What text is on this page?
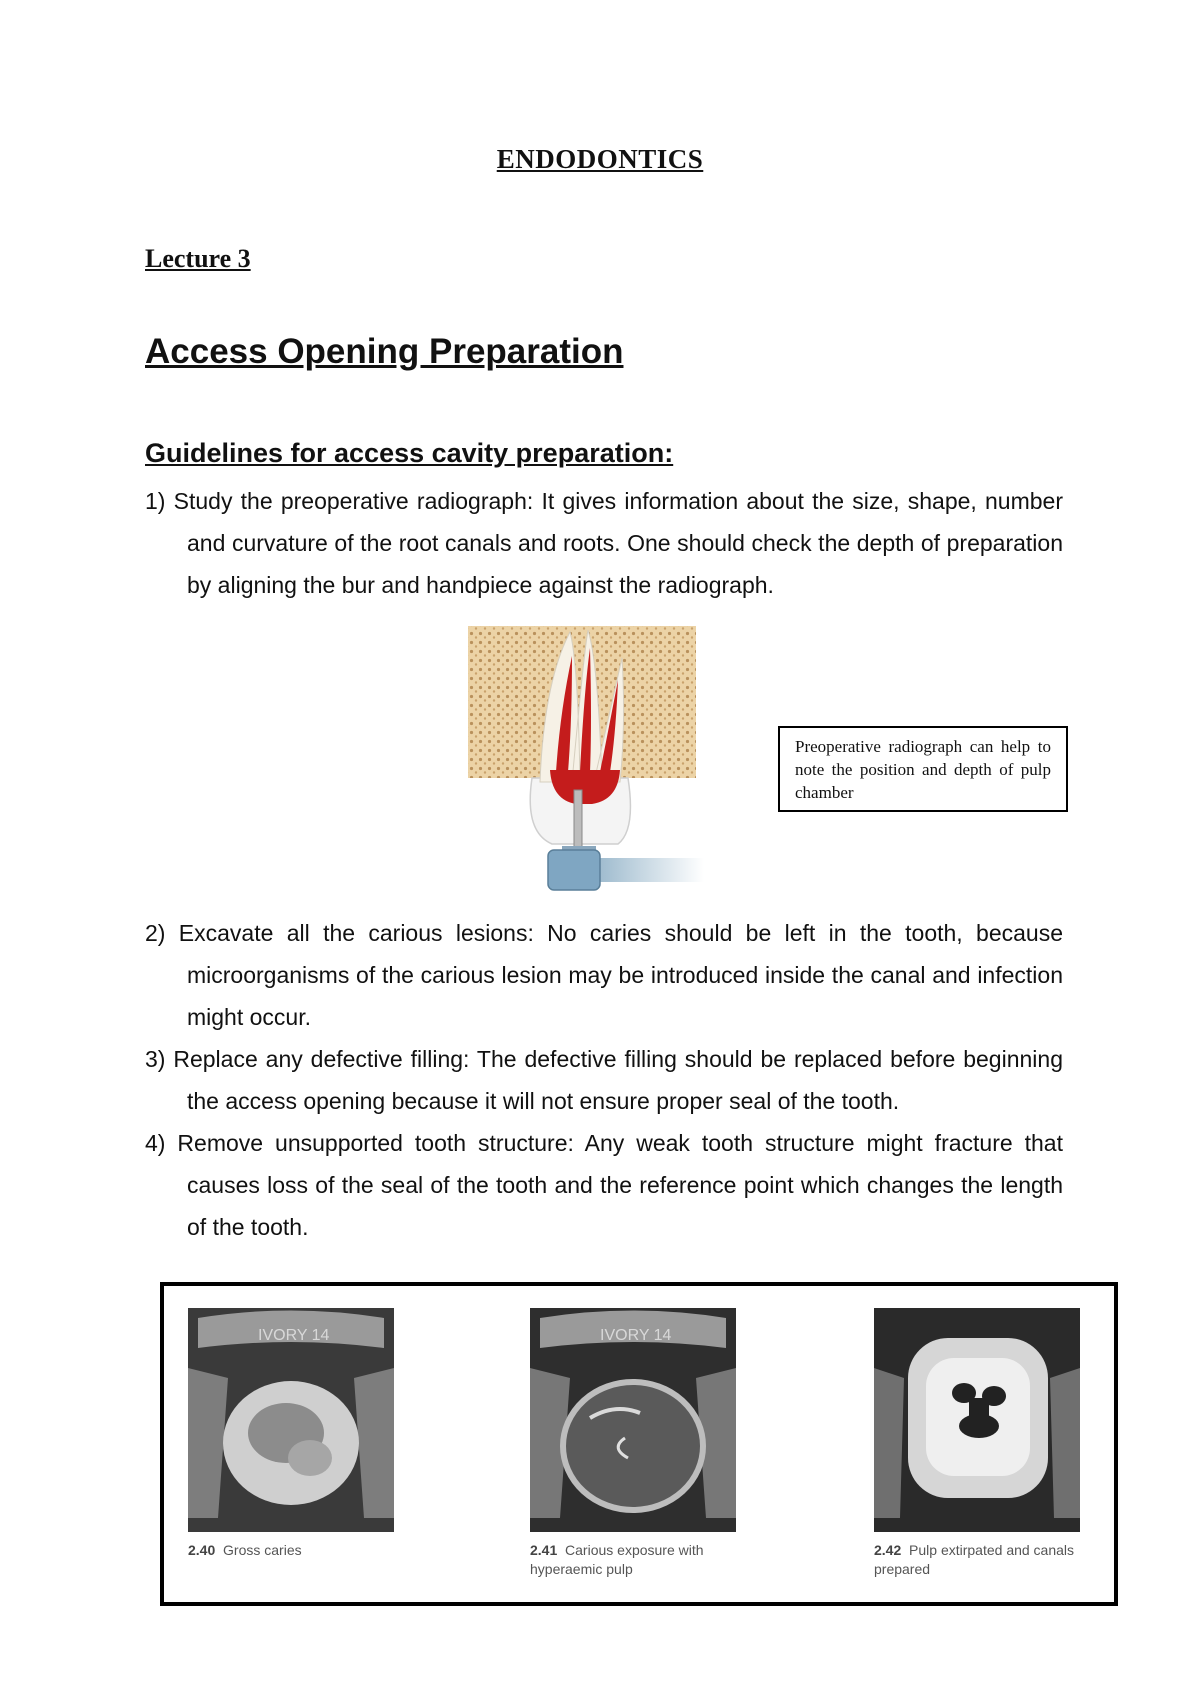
ENDODONTICS
Lecture 3
Access Opening Preparation
Guidelines for access cavity preparation:
1) Study the preoperative radiograph: It gives information about the size, shape, number and curvature of the root canals and roots. One should check the depth of preparation by aligning the bur and handpiece against the radiograph.
Preoperative radiograph can help to note the position and depth of pulp chamber
2) Excavate all the carious lesions: No caries should be left in the tooth, because microorganisms of the carious lesion may be introduced inside the canal and infection might occur.
3) Replace any defective filling: The defective filling should be replaced before beginning the access opening because it will not ensure proper seal of the tooth.
4) Remove unsupported tooth structure: Any weak tooth structure might fracture that causes loss of the seal of the tooth and the reference point which changes the length of the tooth.
IVORY 14
2.40 Gross caries
IVORY 14
2.41 Carious exposure with hyperaemic pulp
2.42 Pulp extirpated and canals prepared
